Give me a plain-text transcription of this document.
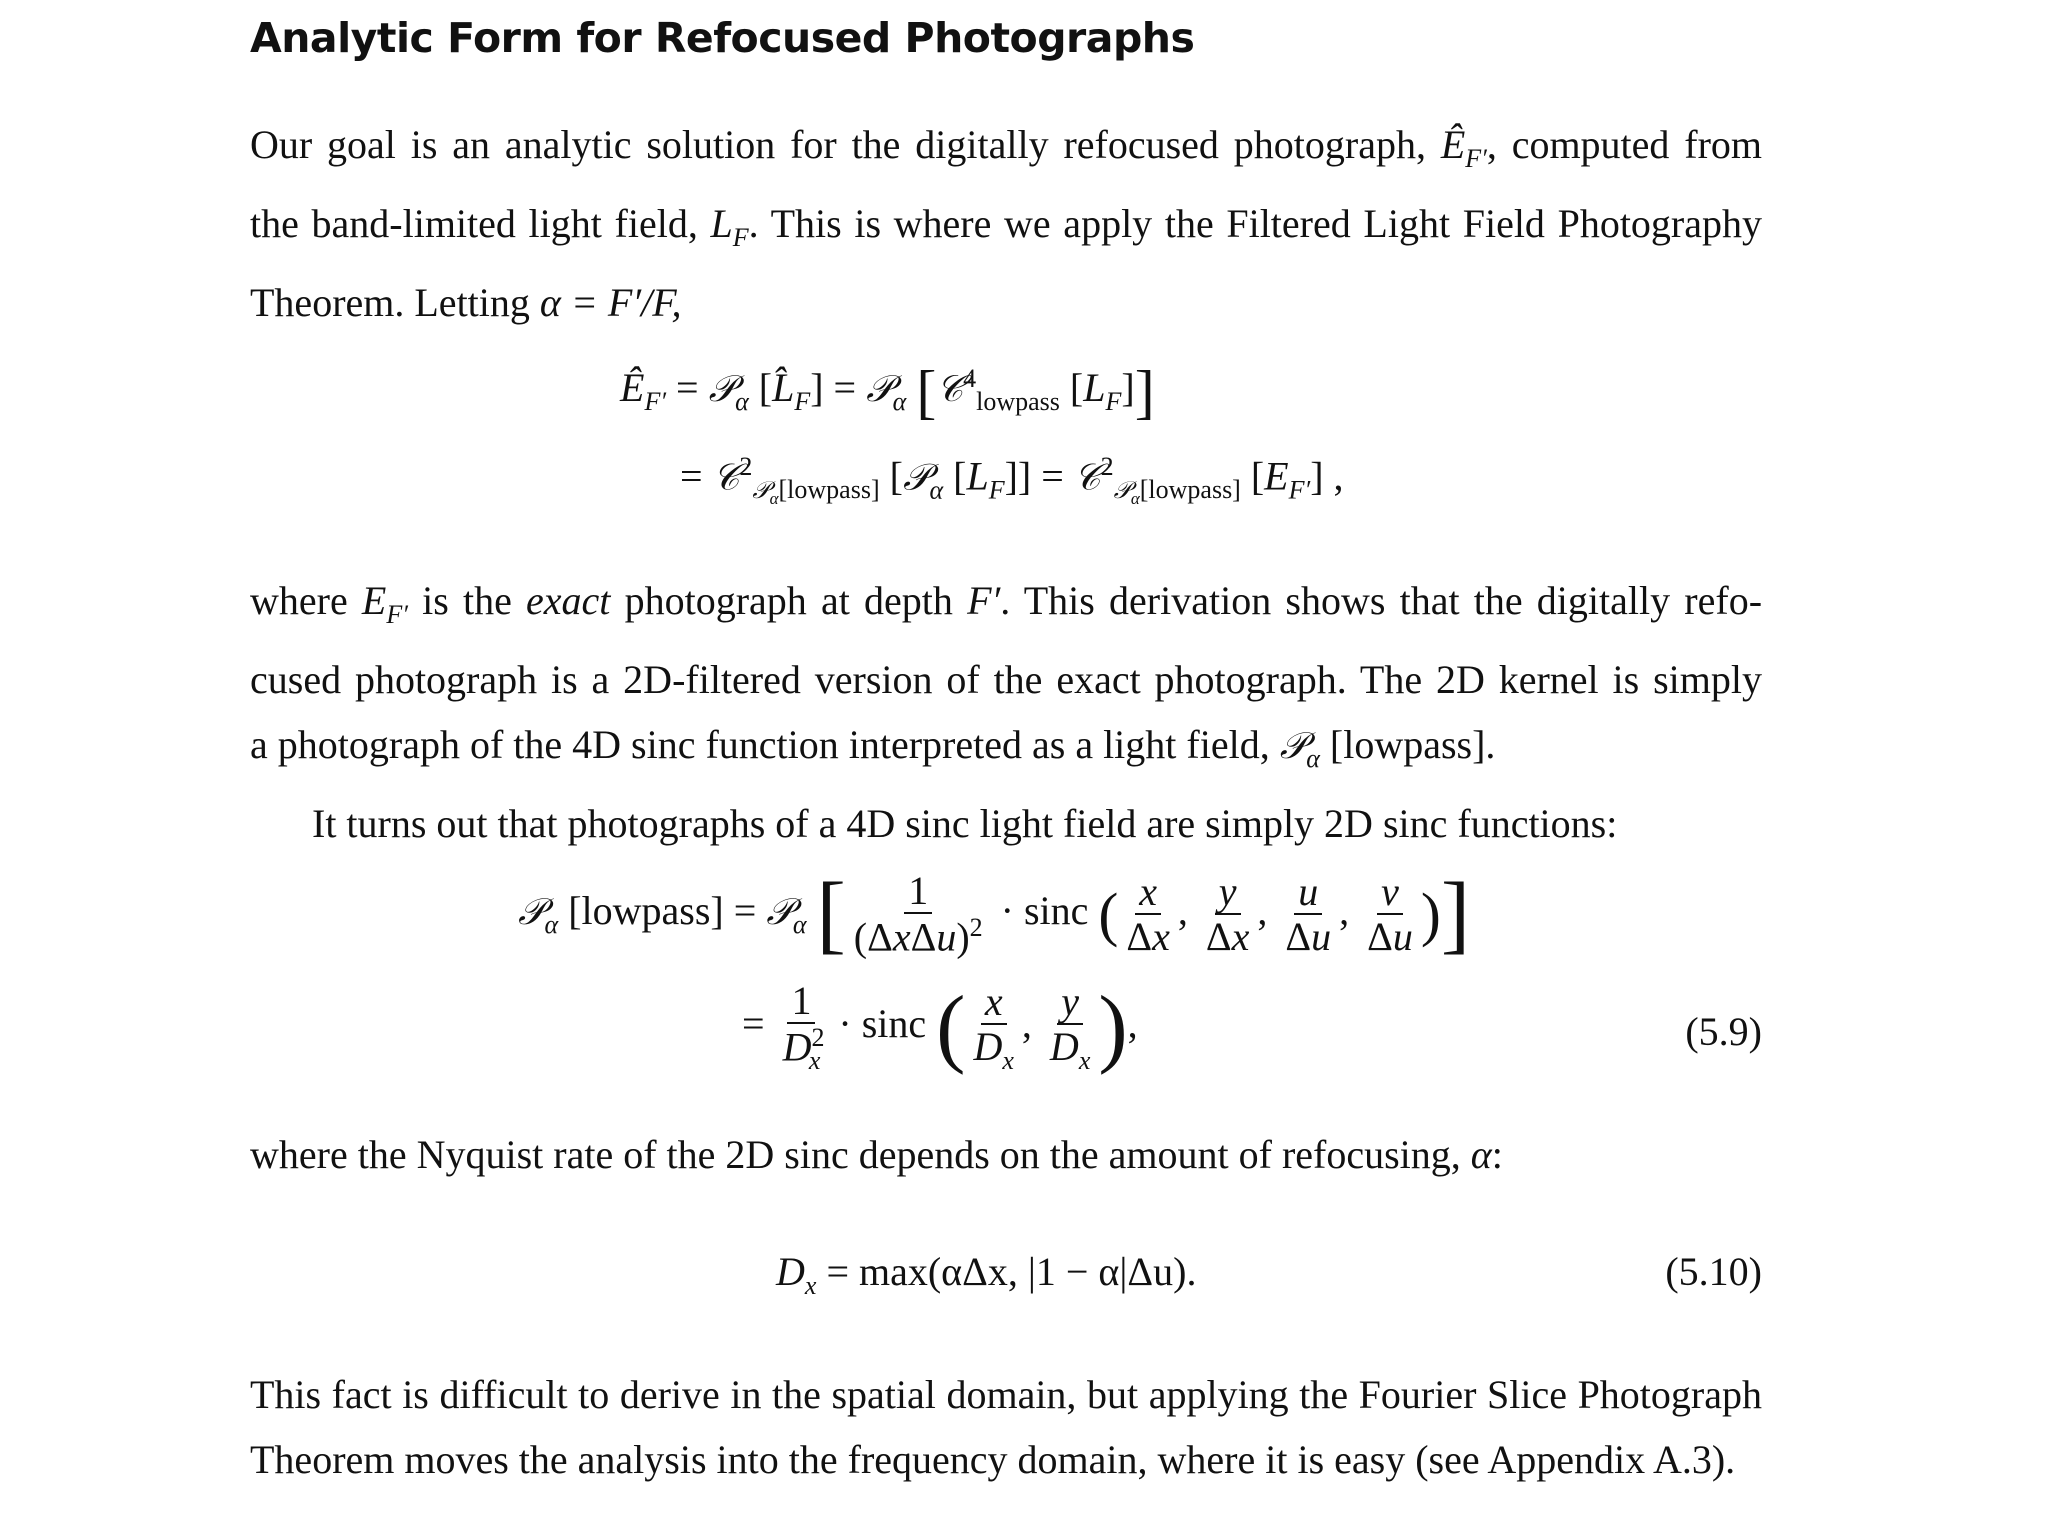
Analytic Form for Refocused Photographs
Our goal is an analytic solution for the digitally refocused photograph, $Ê_{F'}$, computed from
the band-limited light field, $L_F$. This is where we apply the Filtered Light Field Photography
Theorem. Letting α = F′/F,
$Ê_{F'}$ = 𝒫$_\alpha$ $[L̂_F]$ = 𝒫$_\alpha$ [𝒞$^4_{lowpass}$ $[L_F]$]
= 𝒞$^2_{𝒫_\alpha[lowpass]}$ [𝒫$_\alpha$ $[L_F]$] = 𝒞$^2_{𝒫_\alpha[lowpass]}$ $[E_{F'}]$ ,
where $E_{F'}$ is the exact photograph at depth F′. This derivation shows that the digitally refo-
cused photograph is a 2D-filtered version of the exact photograph. The 2D kernel is simply
a photograph of the 4D sinc function interpreted as a light field, 𝒫$_\alpha$ [lowpass].
It turns out that photographs of a 4D sinc light field are simply 2D sinc functions:
𝒫$_\alpha$ [lowpass] = 𝒫$_\alpha$ [ $\frac{1}{(\Delta x\Delta u)^2} \cdot \sin c$ ( $\frac{x}{\Delta x}$ , $\frac{y}{\Delta x}$ , $\frac{u}{\Delta u}$ , $\frac{v}{\Delta u}$ )]
= $\frac{1}{D^2_x} \cdot \sin c$ ( $\frac{x}{D_x}$ , $\frac{y}{D_x}$ ),	(5.9)
where the Nyquist rate of the 2D sinc depends on the amount of refocusing, α:
$D_x = \max(\alpha\Delta x$, |1 − α|Δu).	(5.10)
This fact is difficult to derive in the spatial domain, but applying the Fourier Slice Photograph
Theorem moves the analysis into the frequency domain, where it is easy (see Appendix A.3).
